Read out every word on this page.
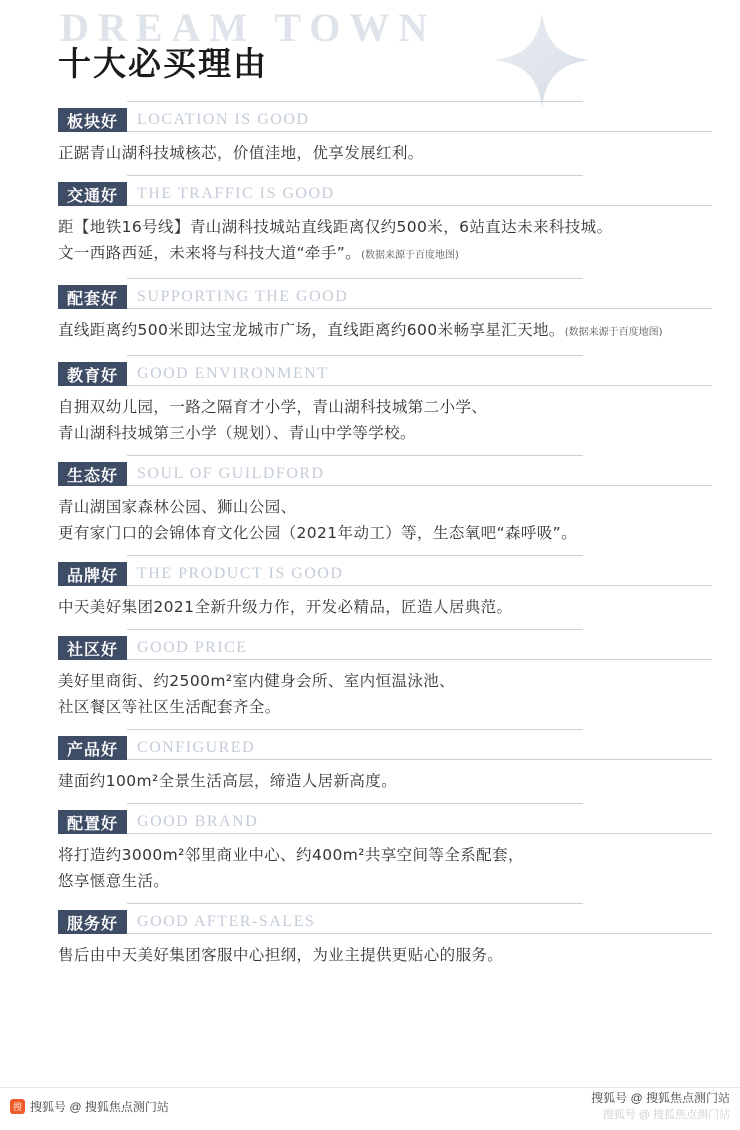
DREAM TOWN
十大必买理由
板块好	LOCATION IS GOOD
正踞青山湖科技城核芯，价值洼地，优享发展红利。
交通好	THE TRAFFIC IS GOOD
距【地铁16号线】青山湖科技城站直线距离仅约500米，6站直达未来科技城。
文一西路西延，未来将与科技大道“牵手”。(数据来源于百度地图)
配套好	SUPPORTING THE GOOD
直线距离约500米即达宝龙城市广场，直线距离约600米畅享星汇天地。(数据来源于百度地图)
教育好	GOOD ENVIRONMENT
自拥双幼儿园，一路之隔育才小学，青山湖科技城第二小学、
青山湖科技城第三小学（规划）、青山中学等学校。
生态好	SOUL OF GUILDFORD
青山湖国家森林公园、狮山公园、
更有家门口的会锦体育文化公园（2021年动工）等，生态氧吧“森呼吸”。
品牌好	THE PRODUCT IS GOOD
中天美好集团2021全新升级力作，开发必精品，匠造人居典范。
社区好	GOOD PRICE
美好里商街、约2500m²室内健身会所、室内恒温泳池、
社区餐区等社区生活配套齐全。
产品好	CONFIGURED
建面约100m²全景生活高层，缔造人居新高度。
配置好	GOOD BRAND
将打造约3000m²邻里商业中心、约400m²共享空间等全系配套，
悠享惬意生活。
服务好	GOOD AFTER-SALES
售后由中天美好集团客服中心担纲，为业主提供更贴心的服务。
搜 搜狐号 @ 搜狐焦点测门站
搜狐号 @ 搜狐焦点测门站
搜狐号 @ 搜狐焦点测门站
